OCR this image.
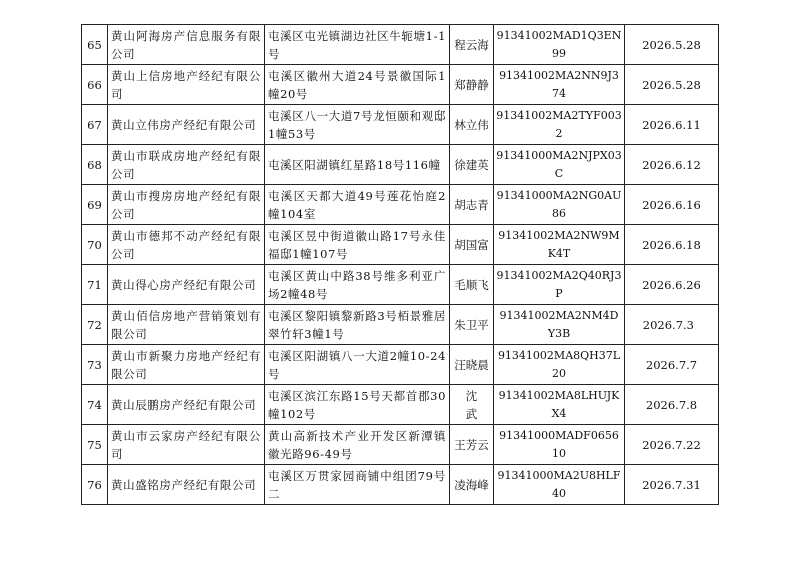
65	黄山阿海房产信息服务有限公司	屯溪区屯光镇湖边社区牛轭塘1-1号	程云海	91341002MAD1Q3EN99	2026.5.28
66	黄山上信房地产经纪有限公司	屯溪区徽州大道24号景徽国际1幢20号	郑静静	91341002MA2NN9J374	2026.5.28
67	黄山立伟房产经纪有限公司	屯溪区八一大道7号龙恒颐和观邸1幢53号	林立伟	91341002MA2TYF0032	2026.6.11
68	黄山市联成房地产经纪有限公司	屯溪区阳湖镇红星路18号116幢	徐建英	91341000MA2NJPX03C	2026.6.12
69	黄山市搜房房地产经纪有限公司	屯溪区天都大道49号莲花怡庭2幢104室	胡志青	91341000MA2NG0AU86	2026.6.16
70	黄山市德邦不动产经纪有限公司	屯溪区昱中街道徽山路17号永佳福邸1幢107号	胡国富	91341002MA2NW9MK4T	2026.6.18
71	黄山得心房产经纪有限公司	屯溪区黄山中路38号维多利亚广场2幢48号	毛顺飞	91341002MA2Q40RJ3P	2026.6.26
72	黄山佰信房地产营销策划有限公司	屯溪区黎阳镇黎新路3号栢景雅居翠竹轩3幢1号	朱卫平	91341002MA2NM4DY3B	2026.7.3
73	黄山市新聚力房地产经纪有限公司	屯溪区阳湖镇八一大道2幢10-24号	汪晓晨	91341002MA8QH37L20	2026.7.7
74	黄山辰鹏房产经纪有限公司	屯溪区滨江东路15号天都首郡30幢102号	沈武	91341002MA8LHUJKX4	2026.7.8
75	黄山市云家房产经纪有限公司	黄山高新技术产业开发区新潭镇徽光路96-49号	王芳云	91341000MADF065610	2026.7.22
76	黄山盛铭房产经纪有限公司	屯溪区万贯家园商铺中组团79号二	凌海峰	91341000MA2U8HLF40	2026.7.31
